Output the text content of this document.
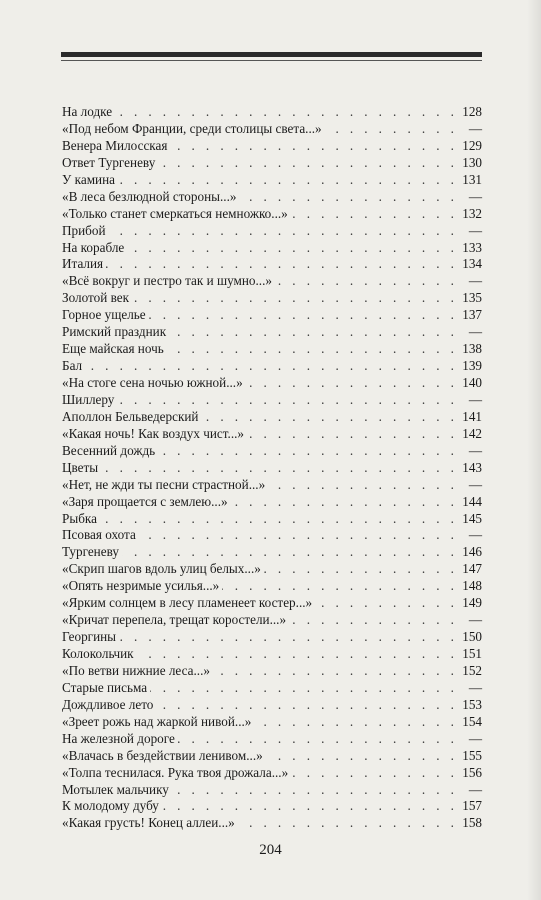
. . .
На лодке	128
. . .
«Под небом Франции, среди столицы света...»	—
. . .
Венера Милосская	129
. . .
Ответ Тургеневу	130
. . .
У камина	131
. . .
«В леса безлюдной стороны...»	—
. . .
«Только станет смеркаться немножко...»	132
. . .
Прибой	—
. . .
На корабле	133
. . .
Италия	134
. . .
«Всё вокруг и пестро так и шумно...»	—
. . .
Золотой век	135
. . .
Горное ущелье	137
. . .
Римский праздник	—
. . .
Еще майская ночь	138
. . .
Бал	139
. . .
«На стоге сена ночью южной...»	140
. . .
Шиллеру	—
. . .
Аполлон Бельведерский	141
. . .
«Какая ночь! Как воздух чист...»	142
. . .
Весенний дождь	—
. . .
Цветы	143
. . .
«Нет, не жди ты песни страстной...»	—
. . .
«Заря прощается с землею...»	144
. . .
Рыбка	145
. . .
Псовая охота	—
. . .
Тургеневу	146
. . .
«Скрип шагов вдоль улиц белых...»	147
. . .
«Опять незримые усилья...»	148
. . .
«Ярким солнцем в лесу пламенеет костер...»	149
. . .
«Кричат перепела, трещат коростели...»	—
. . .
Георгины	150
. . .
Колокольчик	151
. . .
«По ветви нижние леса...»	152
. . .
Старые письма	—
. . .
Дождливое лето	153
. . .
«Зреет рожь над жаркой нивой...»	154
. . .
На железной дороге	—
. . .
«Влачась в бездействии ленивом...»	155
. . .
«Толпа теснилася. Рука твоя дрожала...»	156
. . .
Мотылек мальчику	—
. . .
К молодому дубу	157
. . .
«Какая грусть! Конец аллеи...»	158
204
